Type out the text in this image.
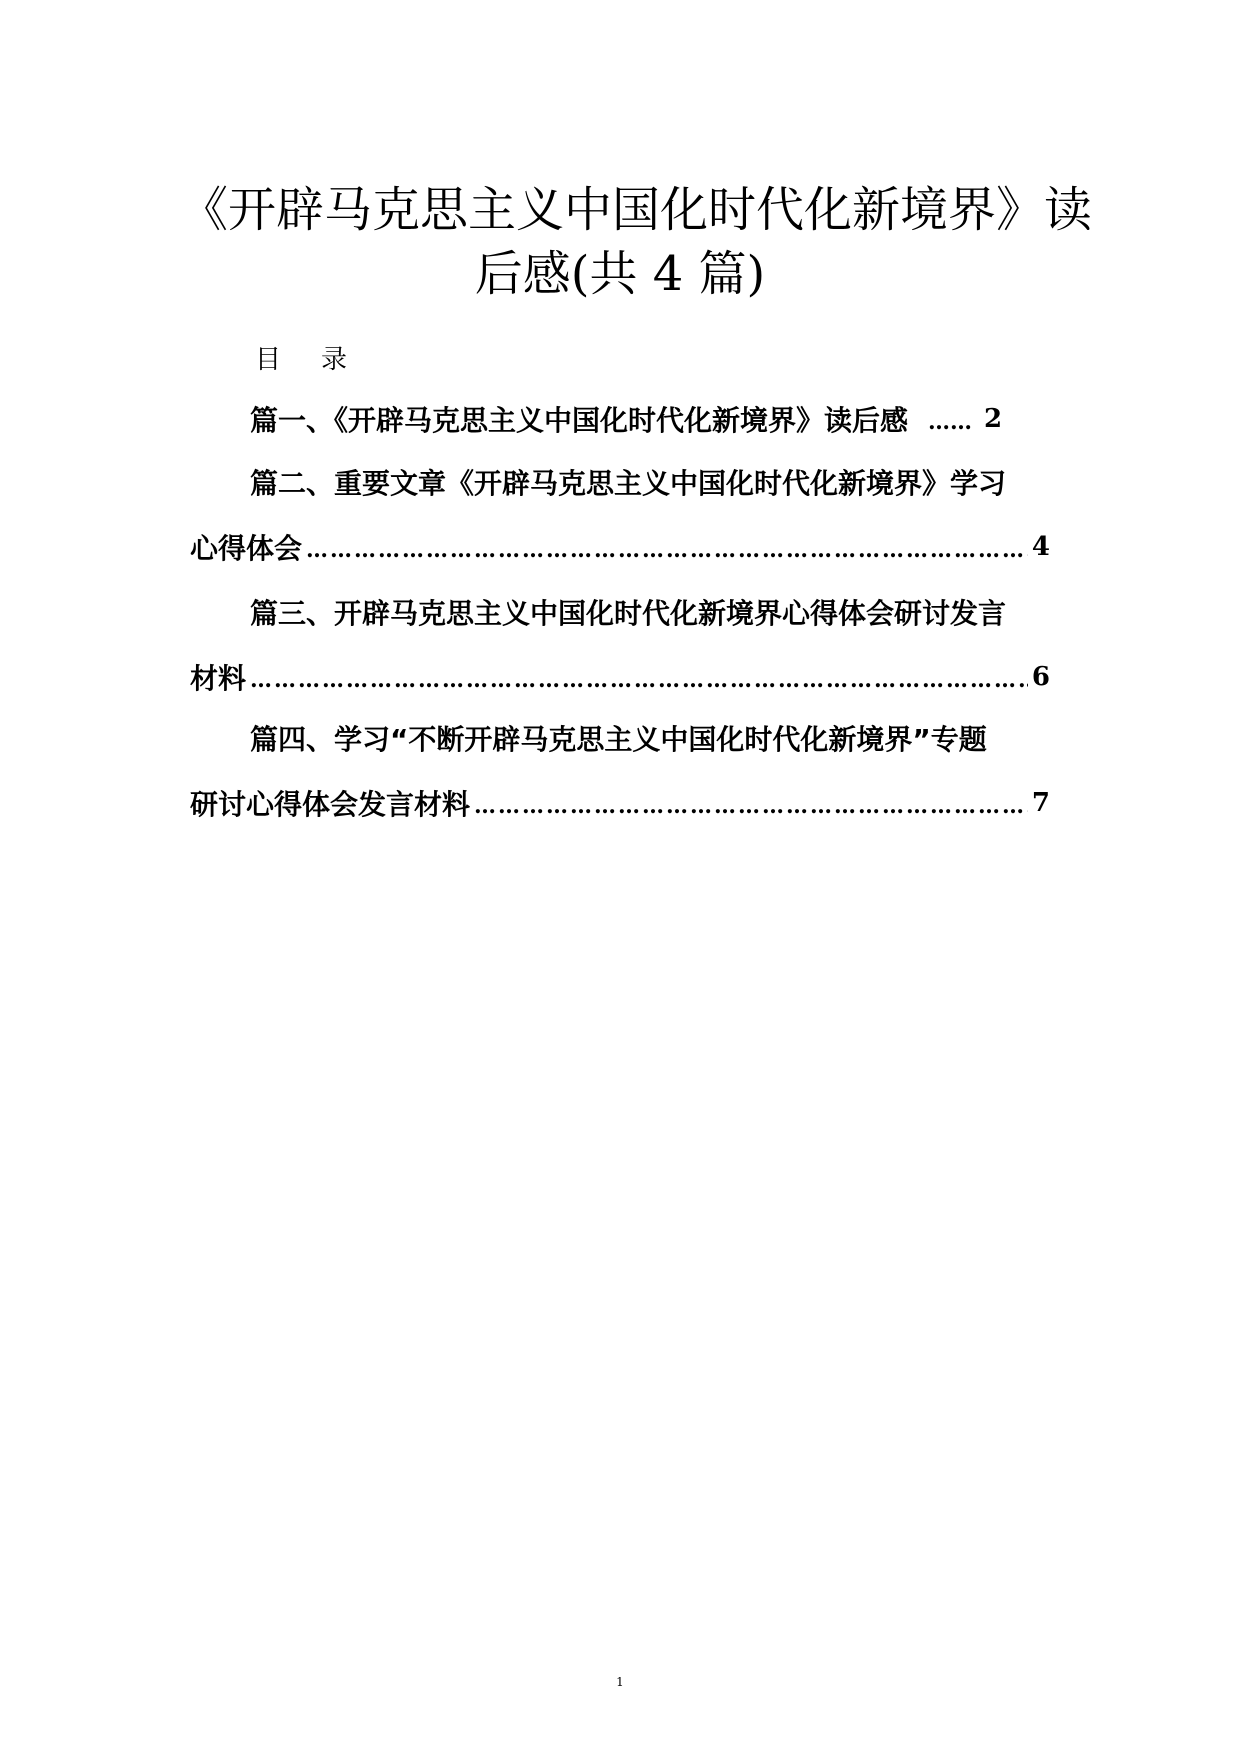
《开辟马克思主义中国化时代化新境界》读
后感(共 4 篇)
目录
篇一、《开辟马克思主义中国化时代化新境界》读后感 …… 2
篇二、重要文章《开辟马克思主义中国化时代化新境界》学习
心得体会 …………………………………………………………………………………………………………………………………………………………………………………………	4
篇三、开辟马克思主义中国化时代化新境界心得体会研讨发言
材料 …………………………………………………………………………………………………………………………………………………………………………………………	6
篇四、学习“不断开辟马克思主义中国化时代化新境界”专题
研讨心得体会发言材料 …………………………………………………………………………………………………………………………………………………………………………………………	7
1
